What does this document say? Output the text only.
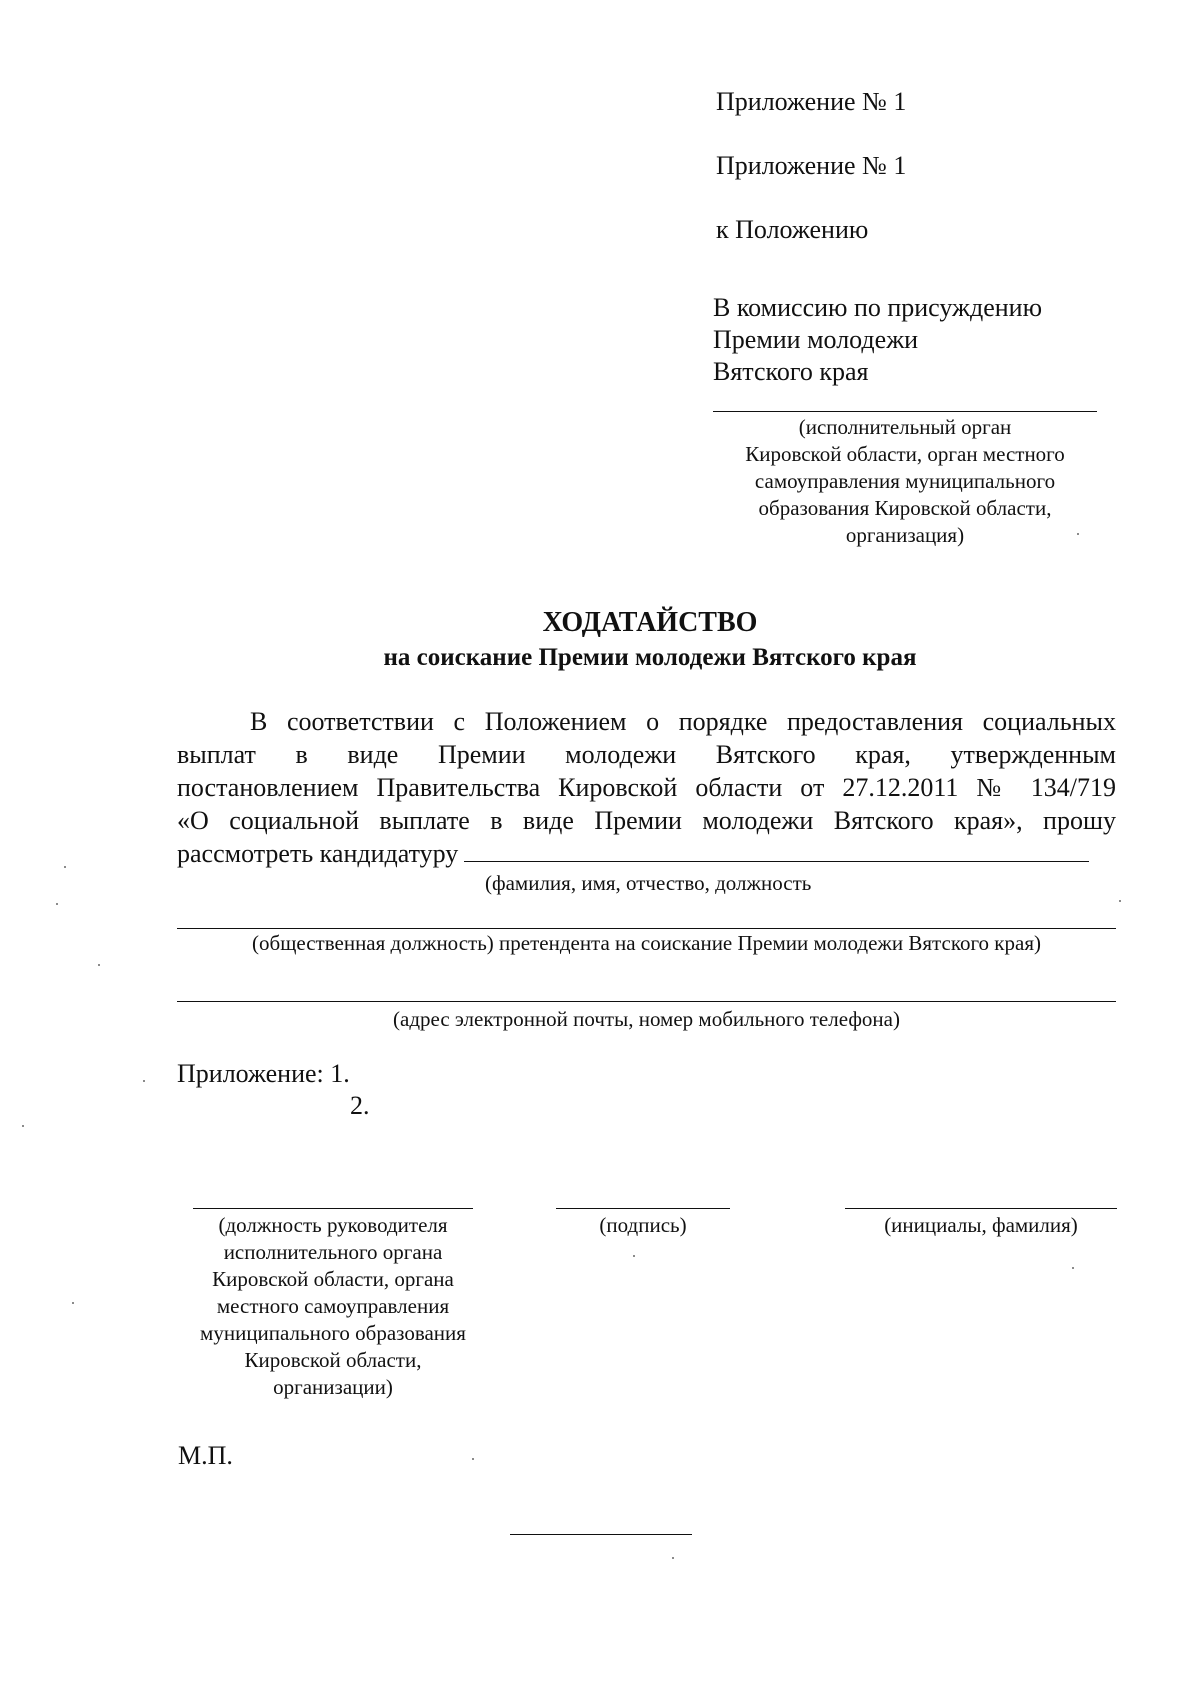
Приложение № 1
Приложение № 1
к Положению
В комиссию по присуждению
Премии молодежи
Вятского края
(исполнительный орган
Кировской области, орган местного
самоуправления муниципального
образования Кировской области,
организация)
ХОДАТАЙСТВО
на соискание Премии молодежи Вятского края
В соответствии с Положением о порядке предоставления социальных
выплат в виде Премии молодежи Вятского края, утвержденным
постановлением Правительства Кировской области от 27.12.2011 № 134/719
«О социальной выплате в виде Премии молодежи Вятского края», прошу
рассмотреть кандидатуру
(фамилия, имя, отчество, должность
(общественная должность) претендента на соискание Премии молодежи Вятского края)
(адрес электронной почты, номер мобильного телефона)
Приложение: 1.
2.
(должность руководителя
исполнительного органа
Кировской области, органа
местного самоуправления
муниципального образования
Кировской области,
организации)
(подпись)	(инициалы, фамилия)
М.П.
